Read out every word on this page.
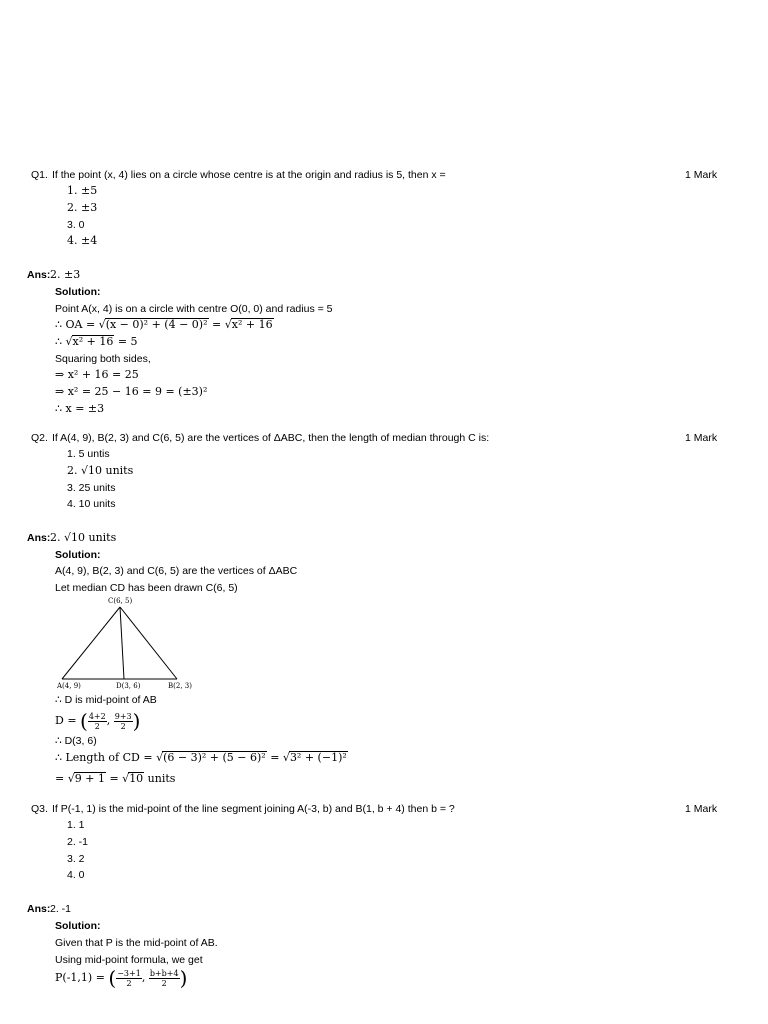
Q1. If the point (x, 4) lies on a circle whose centre is at the origin and radius is 5, then x =	1 Mark
1. ±5
2. ±3
3. 0
4. ±4
Ans: 2. ±3
Solution:
Point A(x, 4) is on a circle with centre O(0, 0) and radius = 5
∴ OA = √(x − 0)² + (4 − 0)² = √x² + 16
∴ √x² + 16 = 5
Squaring both sides,
⇒ x² + 16 = 25
⇒ x² = 25 − 16 = 9 = (±3)²
∴ x = ±3
Q2. If A(4, 9), B(2, 3) and C(6, 5) are the vertices of ΔABC, then the length of median through C is:	1 Mark
1. 5 untis
2. √10 units
3. 25 units
4. 10 units
Ans: 2. √10 units
Solution:
A(4, 9), B(2, 3) and C(6, 5) are the vertices of ΔABC
Let median CD has been drawn C(6, 5)
C(6, 5)
A(4, 9)	D(3, 6)	B(2, 3)
∴ D is mid-point of AB
D = ( $\frac{4+2}{2}$ , $\frac{9+3}{2}$ )
∴ D(3, 6)
∴ Length of CD = √(6 − 3)² + (5 − 6)² = √3² + (−1)²
= √9 + 1 = √10 units
Q3. If P(-1, 1) is the mid-point of the line segment joining A(-3, b) and B(1, b + 4) then b = ?	1 Mark
1. 1
2. -1
3. 2
4. 0
Ans: 2. -1
Solution:
Given that P is the mid-point of AB.
Using mid-point formula, we get
P(-1,1) = ( $\frac{-3+1}{2}$ , $\frac{b+b+4}{2}$ )
